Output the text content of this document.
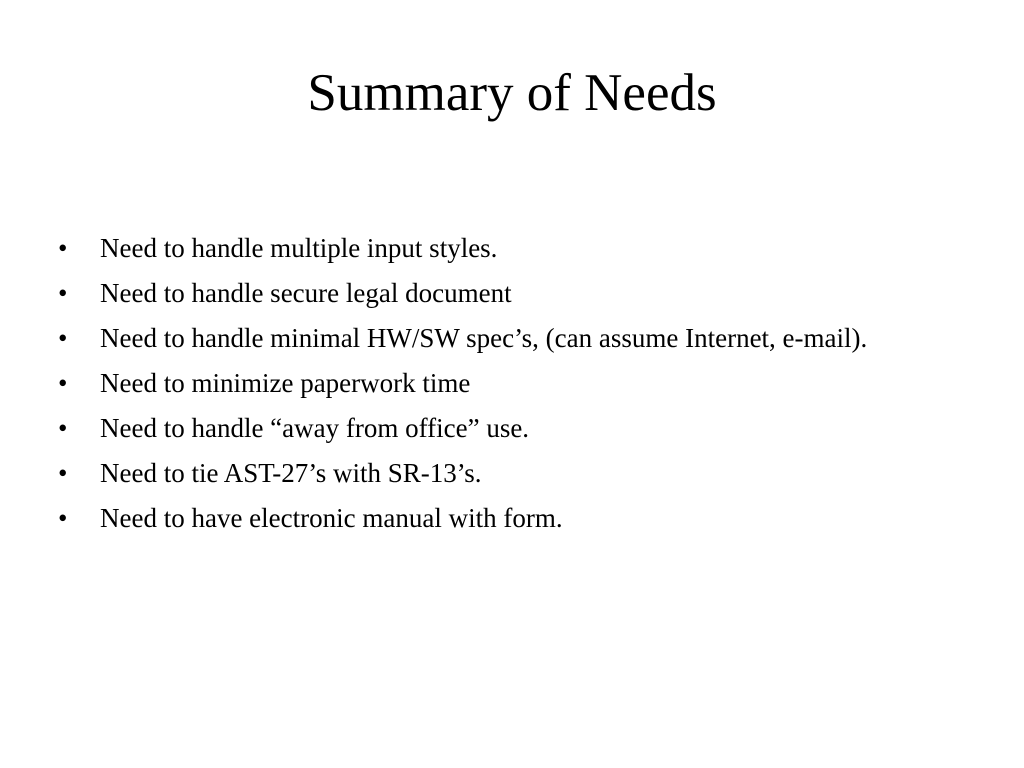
Summary of Needs
•	Need to handle multiple input styles.
•	Need to handle secure legal document
•	Need to handle minimal HW/SW spec’s, (can assume Internet, e-mail).
•	Need to minimize paperwork time
•	Need to handle “away from office” use.
•	Need to tie AST-27’s with SR-13’s.
•	Need to have electronic manual with form.
